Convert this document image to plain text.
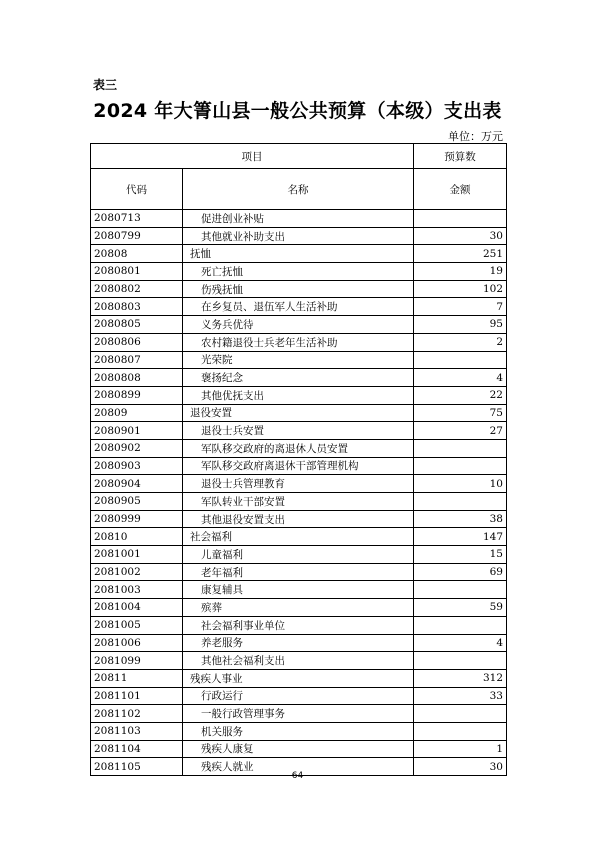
表三
2024 年大箐山县一般公共预算（本级）支出表
单位：万元
项目		预算数
代码	名称	金额
2080713	促进创业补贴	
2080799	其他就业补助支出	30
20808	抚恤	251
2080801	死亡抚恤	19
2080802	伤残抚恤	102
2080803	在乡复员、退伍军人生活补助	7
2080805	义务兵优待	95
2080806	农村籍退役士兵老年生活补助	2
2080807	光荣院	
2080808	褒扬纪念	4
2080899	其他优抚支出	22
20809	退役安置	75
2080901	退役士兵安置	27
2080902	军队移交政府的离退休人员安置	
2080903	军队移交政府离退休干部管理机构	
2080904	退役士兵管理教育	10
2080905	军队转业干部安置	
2080999	其他退役安置支出	38
20810	社会福利	147
2081001	儿童福利	15
2081002	老年福利	69
2081003	康复辅具	
2081004	殡葬	59
2081005	社会福利事业单位	
2081006	养老服务	4
2081099	其他社会福利支出	
20811	残疾人事业	312
2081101	行政运行	33
2081102	一般行政管理事务	
2081103	机关服务	
2081104	残疾人康复	1
2081105	残疾人就业	30
64
